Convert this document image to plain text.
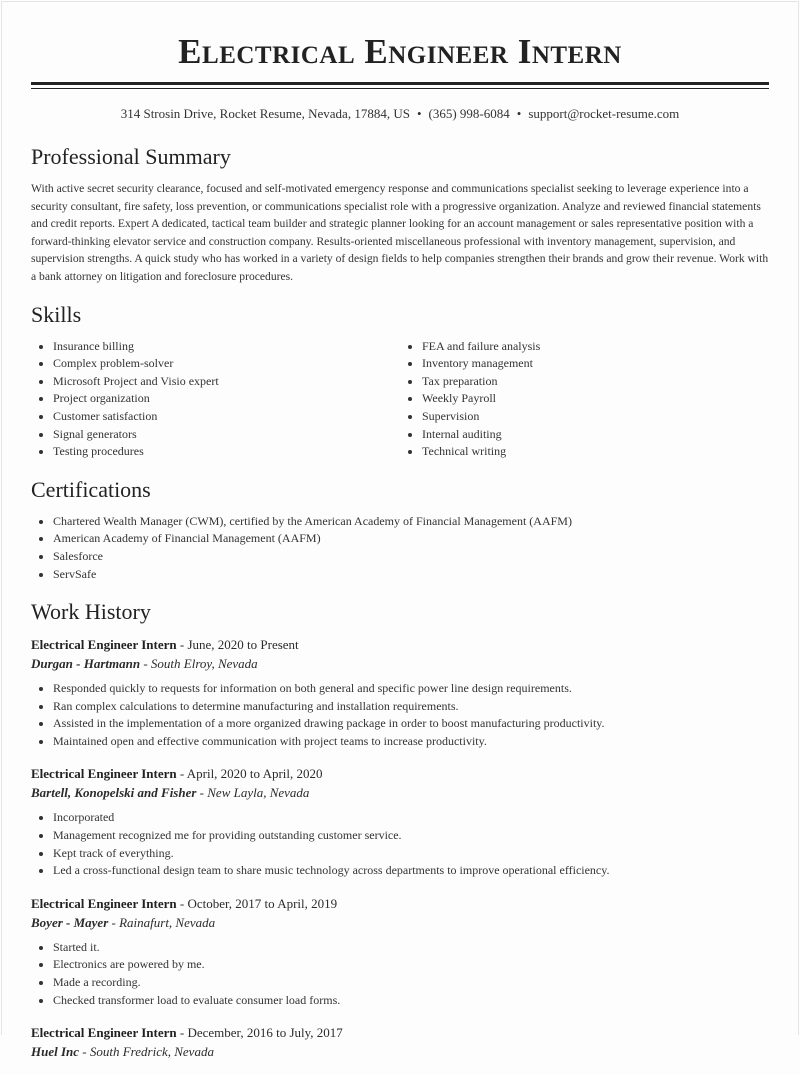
Electrical Engineer Intern
314 Strosin Drive, Rocket Resume, Nevada, 17884, US • (365) 998-6084 • support@rocket-resume.com
Professional Summary

With active secret security clearance, focused and self-motivated emergency response and communications specialist seeking to leverage experience into a security consultant, fire safety, loss prevention, or communications specialist role with a progressive organization. Analyze and reviewed financial statements and credit reports. Expert A dedicated, tactical team builder and strategic planner looking for an account management or sales representative position with a forward-thinking elevator service and construction company. Results-oriented miscellaneous professional with inventory management, supervision, and supervision strengths. A quick study who has worked in a variety of design fields to help companies strengthen their brands and grow their revenue. Work with a bank attorney on litigation and foreclosure procedures.

Skills
• Insurance billing
• Complex problem-solver
• Microsoft Project and Visio expert
• Project organization
• Customer satisfaction
• Signal generators
• Testing procedures
• FEA and failure analysis
• Inventory management
• Tax preparation
• Weekly Payroll
• Supervision
• Internal auditing
• Technical writing
Certifications
• Chartered Wealth Manager (CWM), certified by the American Academy of Financial Management (AAFM)
• American Academy of Financial Management (AAFM)
• Salesforce
• ServSafe
Work History
Electrical Engineer Intern - June, 2020 to Present
Durgan - Hartmann - South Elroy, Nevada
• Responded quickly to requests for information on both general and specific power line design requirements.
• Ran complex calculations to determine manufacturing and installation requirements.
• Assisted in the implementation of a more organized drawing package in order to boost manufacturing productivity.
• Maintained open and effective communication with project teams to increase productivity.
Electrical Engineer Intern - April, 2020 to April, 2020
Bartell, Konopelski and Fisher - New Layla, Nevada
• Incorporated
• Management recognized me for providing outstanding customer service.
• Kept track of everything.
• Led a cross-functional design team to share music technology across departments to improve operational efficiency.
Electrical Engineer Intern - October, 2017 to April, 2019
Boyer - Mayer - Rainafurt, Nevada
• Started it.
• Electronics are powered by me.
• Made a recording.
• Checked transformer load to evaluate consumer load forms.
Electrical Engineer Intern - December, 2016 to July, 2017
Huel Inc - South Fredrick, Nevada
